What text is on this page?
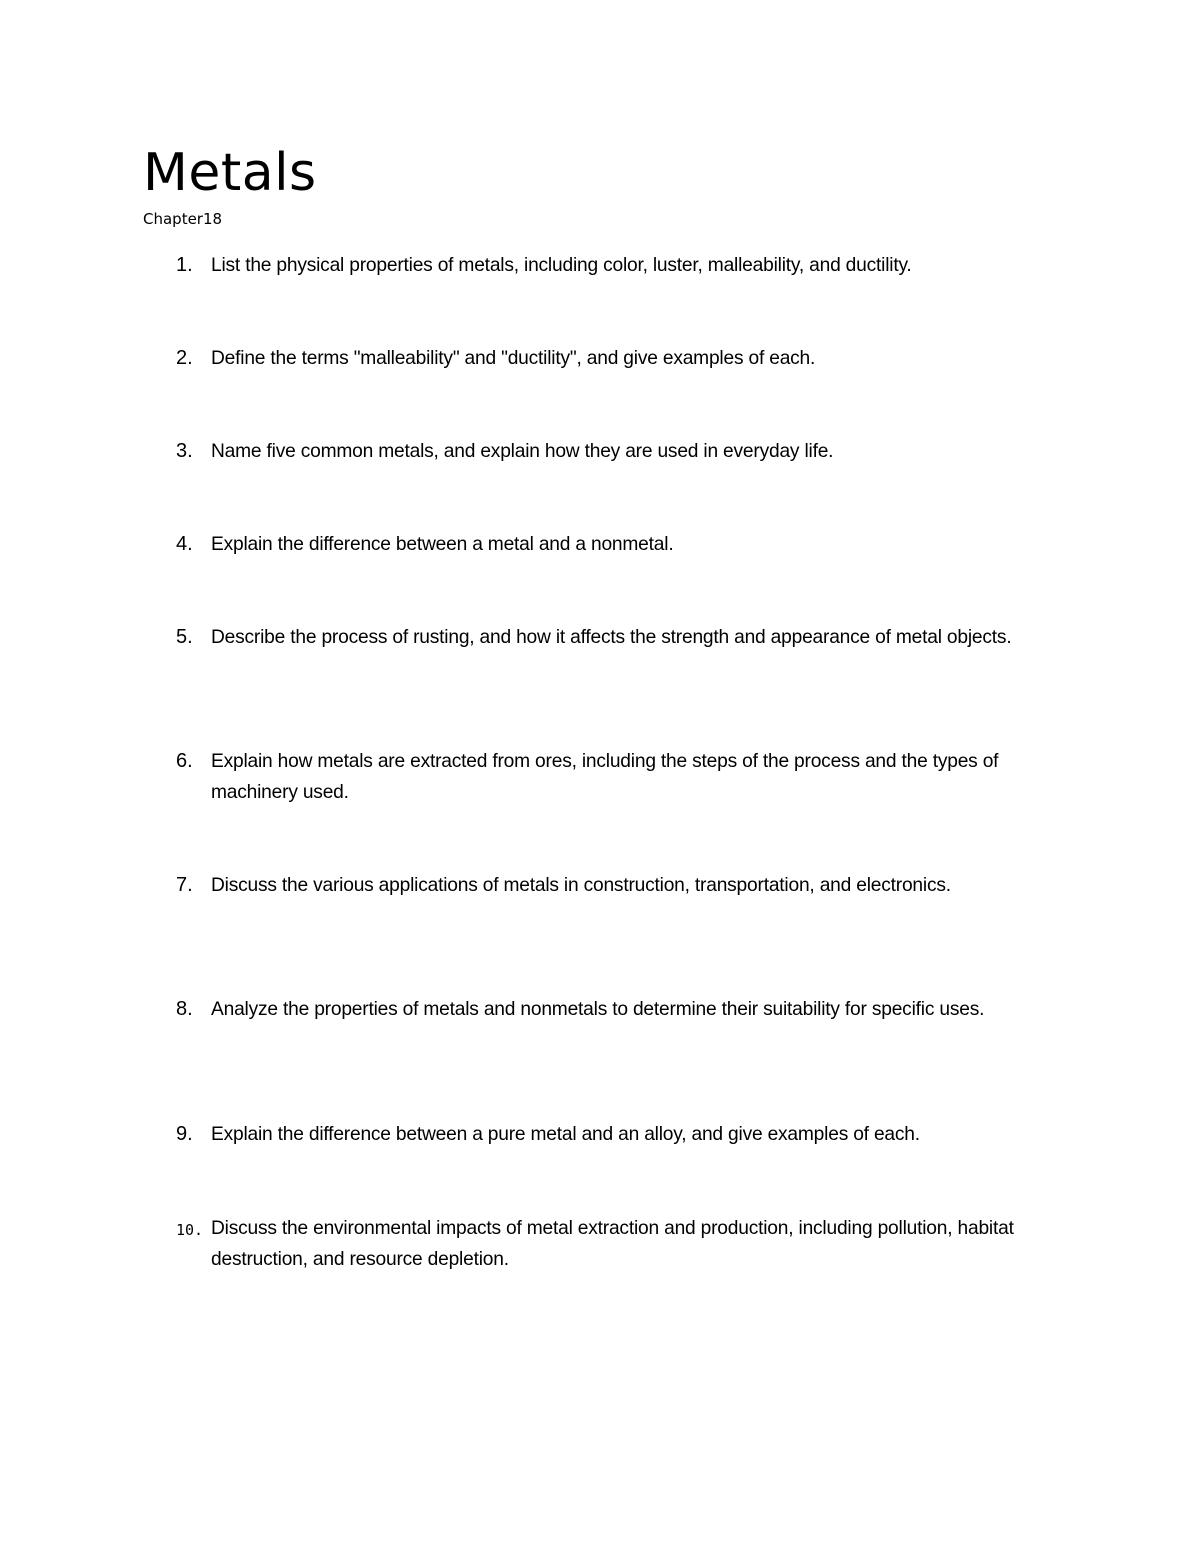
Metals
Chapter18
1. List the physical properties of metals, including color, luster, malleability, and ductility.
2. Define the terms "malleability" and "ductility", and give examples of each.
3. Name five common metals, and explain how they are used in everyday life.
4. Explain the difference between a metal and a nonmetal.
5. Describe the process of rusting, and how it affects the strength and appearance of metal objects.
6. Explain how metals are extracted from ores, including the steps of the process and the types of machinery used.
7. Discuss the various applications of metals in construction, transportation, and electronics.
8. Analyze the properties of metals and nonmetals to determine their suitability for specific uses.
9. Explain the difference between a pure metal and an alloy, and give examples of each.
10. Discuss the environmental impacts of metal extraction and production, including pollution, habitat destruction, and resource depletion.
